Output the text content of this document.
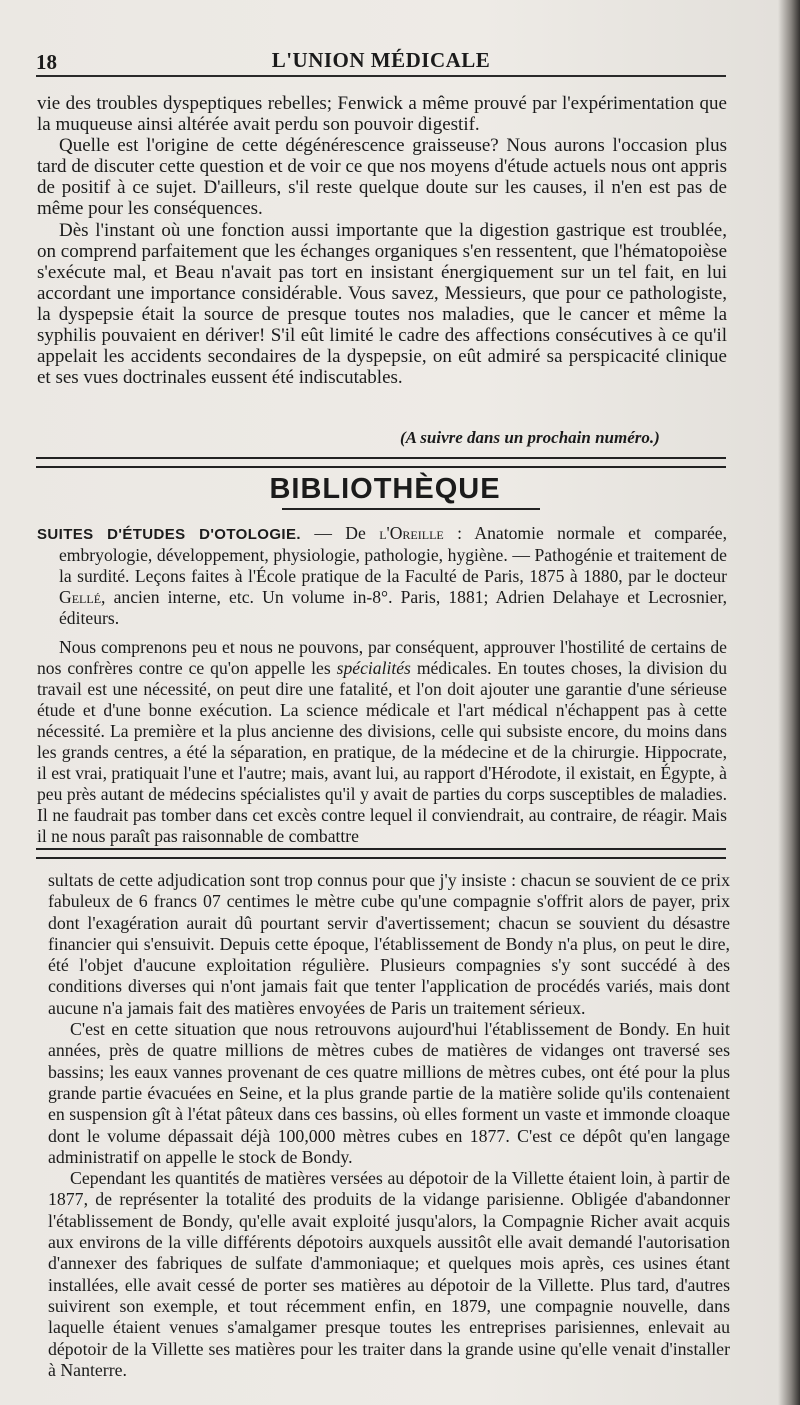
18	L'UNION MÉDICALE

vie des troubles dyspeptiques rebelles; Fenwick a même prouvé par l'expérimentation que la muqueuse ainsi altérée avait perdu son pouvoir digestif.

Quelle est l'origine de cette dégénérescence graisseuse? Nous aurons l'occasion plus tard de discuter cette question et de voir ce que nos moyens d'étude actuels nous ont appris de positif à ce sujet. D'ailleurs, s'il reste quelque doute sur les causes, il n'en est pas de même pour les conséquences.

Dès l'instant où une fonction aussi importante que la digestion gastrique est troublée, on comprend parfaitement que les échanges organiques s'en ressentent, que l'hématopoièse s'exécute mal, et Beau n'avait pas tort en insistant énergiquement sur un tel fait, en lui accordant une importance considérable. Vous savez, Messieurs, que pour ce pathologiste, la dyspepsie était la source de presque toutes nos maladies, que le cancer et même la syphilis pouvaient en dériver! S'il eût limité le cadre des affections consécutives à ce qu'il appelait les accidents secondaires de la dyspepsie, on eût admiré sa perspicacité clinique et ses vues doctrinales eussent été indiscutables.

(A suivre dans un prochain numéro.)
BIBLIOTHÈQUE

SUITES D'ÉTUDES D'OTOLOGIE. — De l'Oreille : Anatomie normale et comparée, embryologie, développement, physiologie, pathologie, hygiène. — Pathogénie et traitement de la surdité. Leçons faites à l'École pratique de la Faculté de Paris, 1875 à 1880, par le docteur Gellé, ancien interne, etc. Un volume in-8°. Paris, 1881; Adrien Delahaye et Lecrosnier, éditeurs.

Nous comprenons peu et nous ne pouvons, par conséquent, approuver l'hostilité de certains de nos confrères contre ce qu'on appelle les spécialités médicales. En toutes choses, la division du travail est une nécessité, on peut dire une fatalité, et l'on doit ajouter une garantie d'une sérieuse étude et d'une bonne exécution. La science médicale et l'art médical n'échappent pas à cette nécessité. La première et la plus ancienne des divisions, celle qui subsiste encore, du moins dans les grands centres, a été la séparation, en pratique, de la médecine et de la chirurgie. Hippocrate, il est vrai, pratiquait l'une et l'autre; mais, avant lui, au rapport d'Hérodote, il existait, en Égypte, à peu près autant de médecins spécialistes qu'il y avait de parties du corps susceptibles de maladies. Il ne faudrait pas tomber dans cet excès contre lequel il conviendrait, au contraire, de réagir. Mais il ne nous paraît pas raisonnable de combattre

sultats de cette adjudication sont trop connus pour que j'y insiste : chacun se souvient de ce prix fabuleux de 6 francs 07 centimes le mètre cube qu'une compagnie s'offrit alors de payer, prix dont l'exagération aurait dû pourtant servir d'avertissement; chacun se souvient du désastre financier qui s'ensuivit. Depuis cette époque, l'établissement de Bondy n'a plus, on peut le dire, été l'objet d'aucune exploitation régulière. Plusieurs compagnies s'y sont succédé à des conditions diverses qui n'ont jamais fait que tenter l'application de procédés variés, mais dont aucune n'a jamais fait des matières envoyées de Paris un traitement sérieux.

C'est en cette situation que nous retrouvons aujourd'hui l'établissement de Bondy. En huit années, près de quatre millions de mètres cubes de matières de vidanges ont traversé ses bassins; les eaux vannes provenant de ces quatre millions de mètres cubes, ont été pour la plus grande partie évacuées en Seine, et la plus grande partie de la matière solide qu'ils contenaient en suspension gît à l'état pâteux dans ces bassins, où elles forment un vaste et immonde cloaque dont le volume dépassait déjà 100,000 mètres cubes en 1877. C'est ce dépôt qu'en langage administratif on appelle le stock de Bondy.

Cependant les quantités de matières versées au dépotoir de la Villette étaient loin, à partir de 1877, de représenter la totalité des produits de la vidange parisienne. Obligée d'abandonner l'établissement de Bondy, qu'elle avait exploité jusqu'alors, la Compagnie Richer avait acquis aux environs de la ville différents dépotoirs auxquels aussitôt elle avait demandé l'autorisation d'annexer des fabriques de sulfate d'ammoniaque; et quelques mois après, ces usines étant installées, elle avait cessé de porter ses matières au dépotoir de la Villette. Plus tard, d'autres suivirent son exemple, et tout récemment enfin, en 1879, une compagnie nouvelle, dans laquelle étaient venues s'amalgamer presque toutes les entreprises parisiennes, enlevait au dépotoir de la Villette ses matières pour les traiter dans la grande usine qu'elle venait d'installer à Nanterre.
